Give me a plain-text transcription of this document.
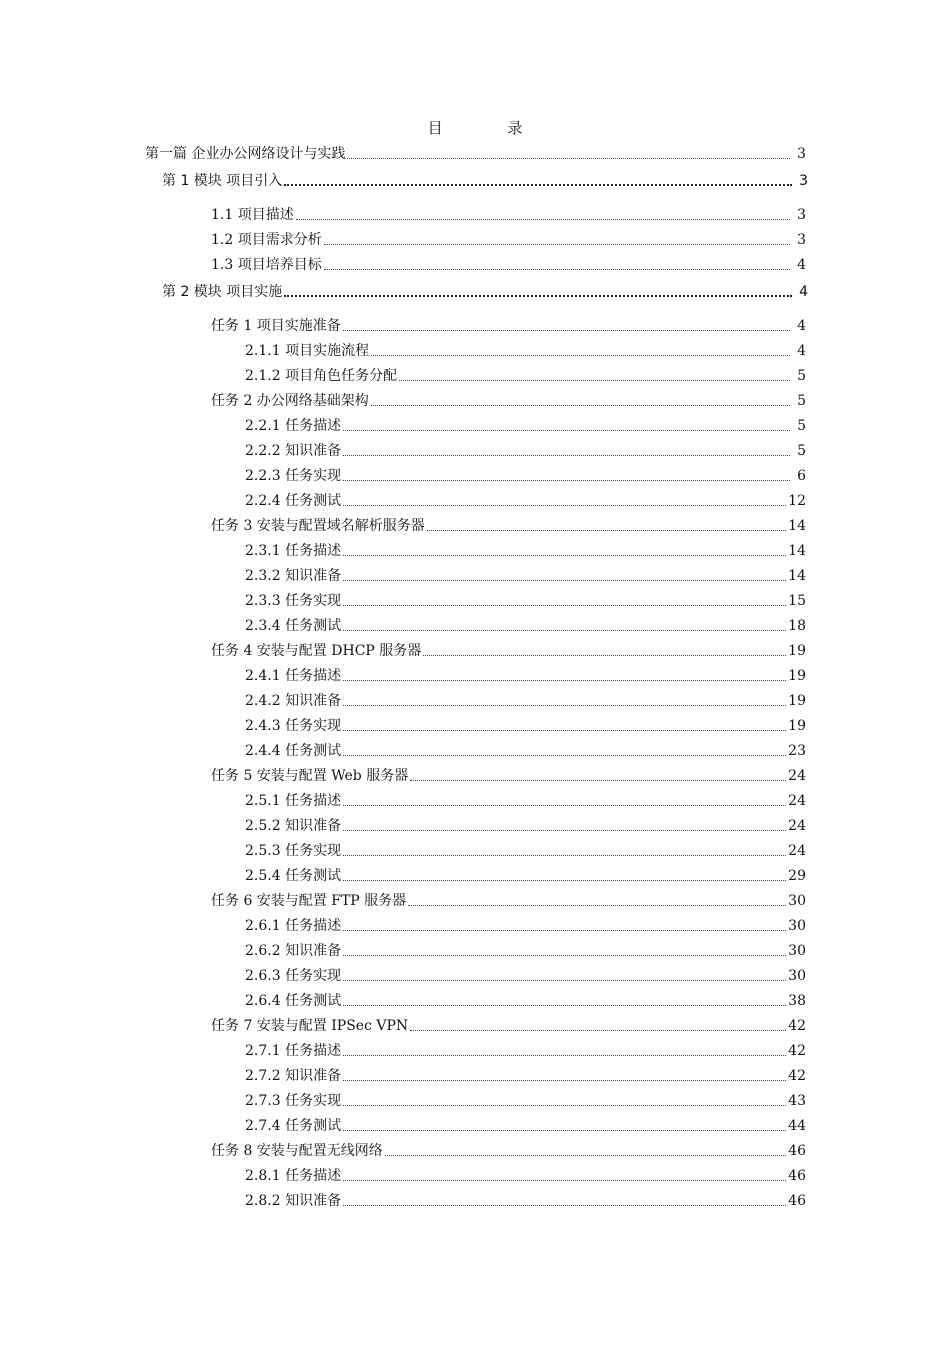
目 录
第一篇 企业办公网络设计与实践	3
第 1 模块 项目引入	3
1.1 项目描述	3
1.2 项目需求分析	3
1.3 项目培养目标	4
第 2 模块 项目实施	4
任务 1 项目实施准备	4
2.1.1 项目实施流程	4
2.1.2 项目角色任务分配	5
任务 2 办公网络基础架构	5
2.2.1 任务描述	5
2.2.2 知识准备	5
2.2.3 任务实现	6
2.2.4 任务测试	12
任务 3 安装与配置域名解析服务器	14
2.3.1 任务描述	14
2.3.2 知识准备	14
2.3.3 任务实现	15
2.3.4 任务测试	18
任务 4 安装与配置 DHCP 服务器	19
2.4.1 任务描述	19
2.4.2 知识准备	19
2.4.3 任务实现	19
2.4.4 任务测试	23
任务 5 安装与配置 Web 服务器	24
2.5.1 任务描述	24
2.5.2 知识准备	24
2.5.3 任务实现	24
2.5.4 任务测试	29
任务 6 安装与配置 FTP 服务器	30
2.6.1 任务描述	30
2.6.2 知识准备	30
2.6.3 任务实现	30
2.6.4 任务测试	38
任务 7 安装与配置 IPSec VPN	42
2.7.1 任务描述	42
2.7.2 知识准备	42
2.7.3 任务实现	43
2.7.4 任务测试	44
任务 8 安装与配置无线网络	46
2.8.1 任务描述	46
2.8.2 知识准备	46
